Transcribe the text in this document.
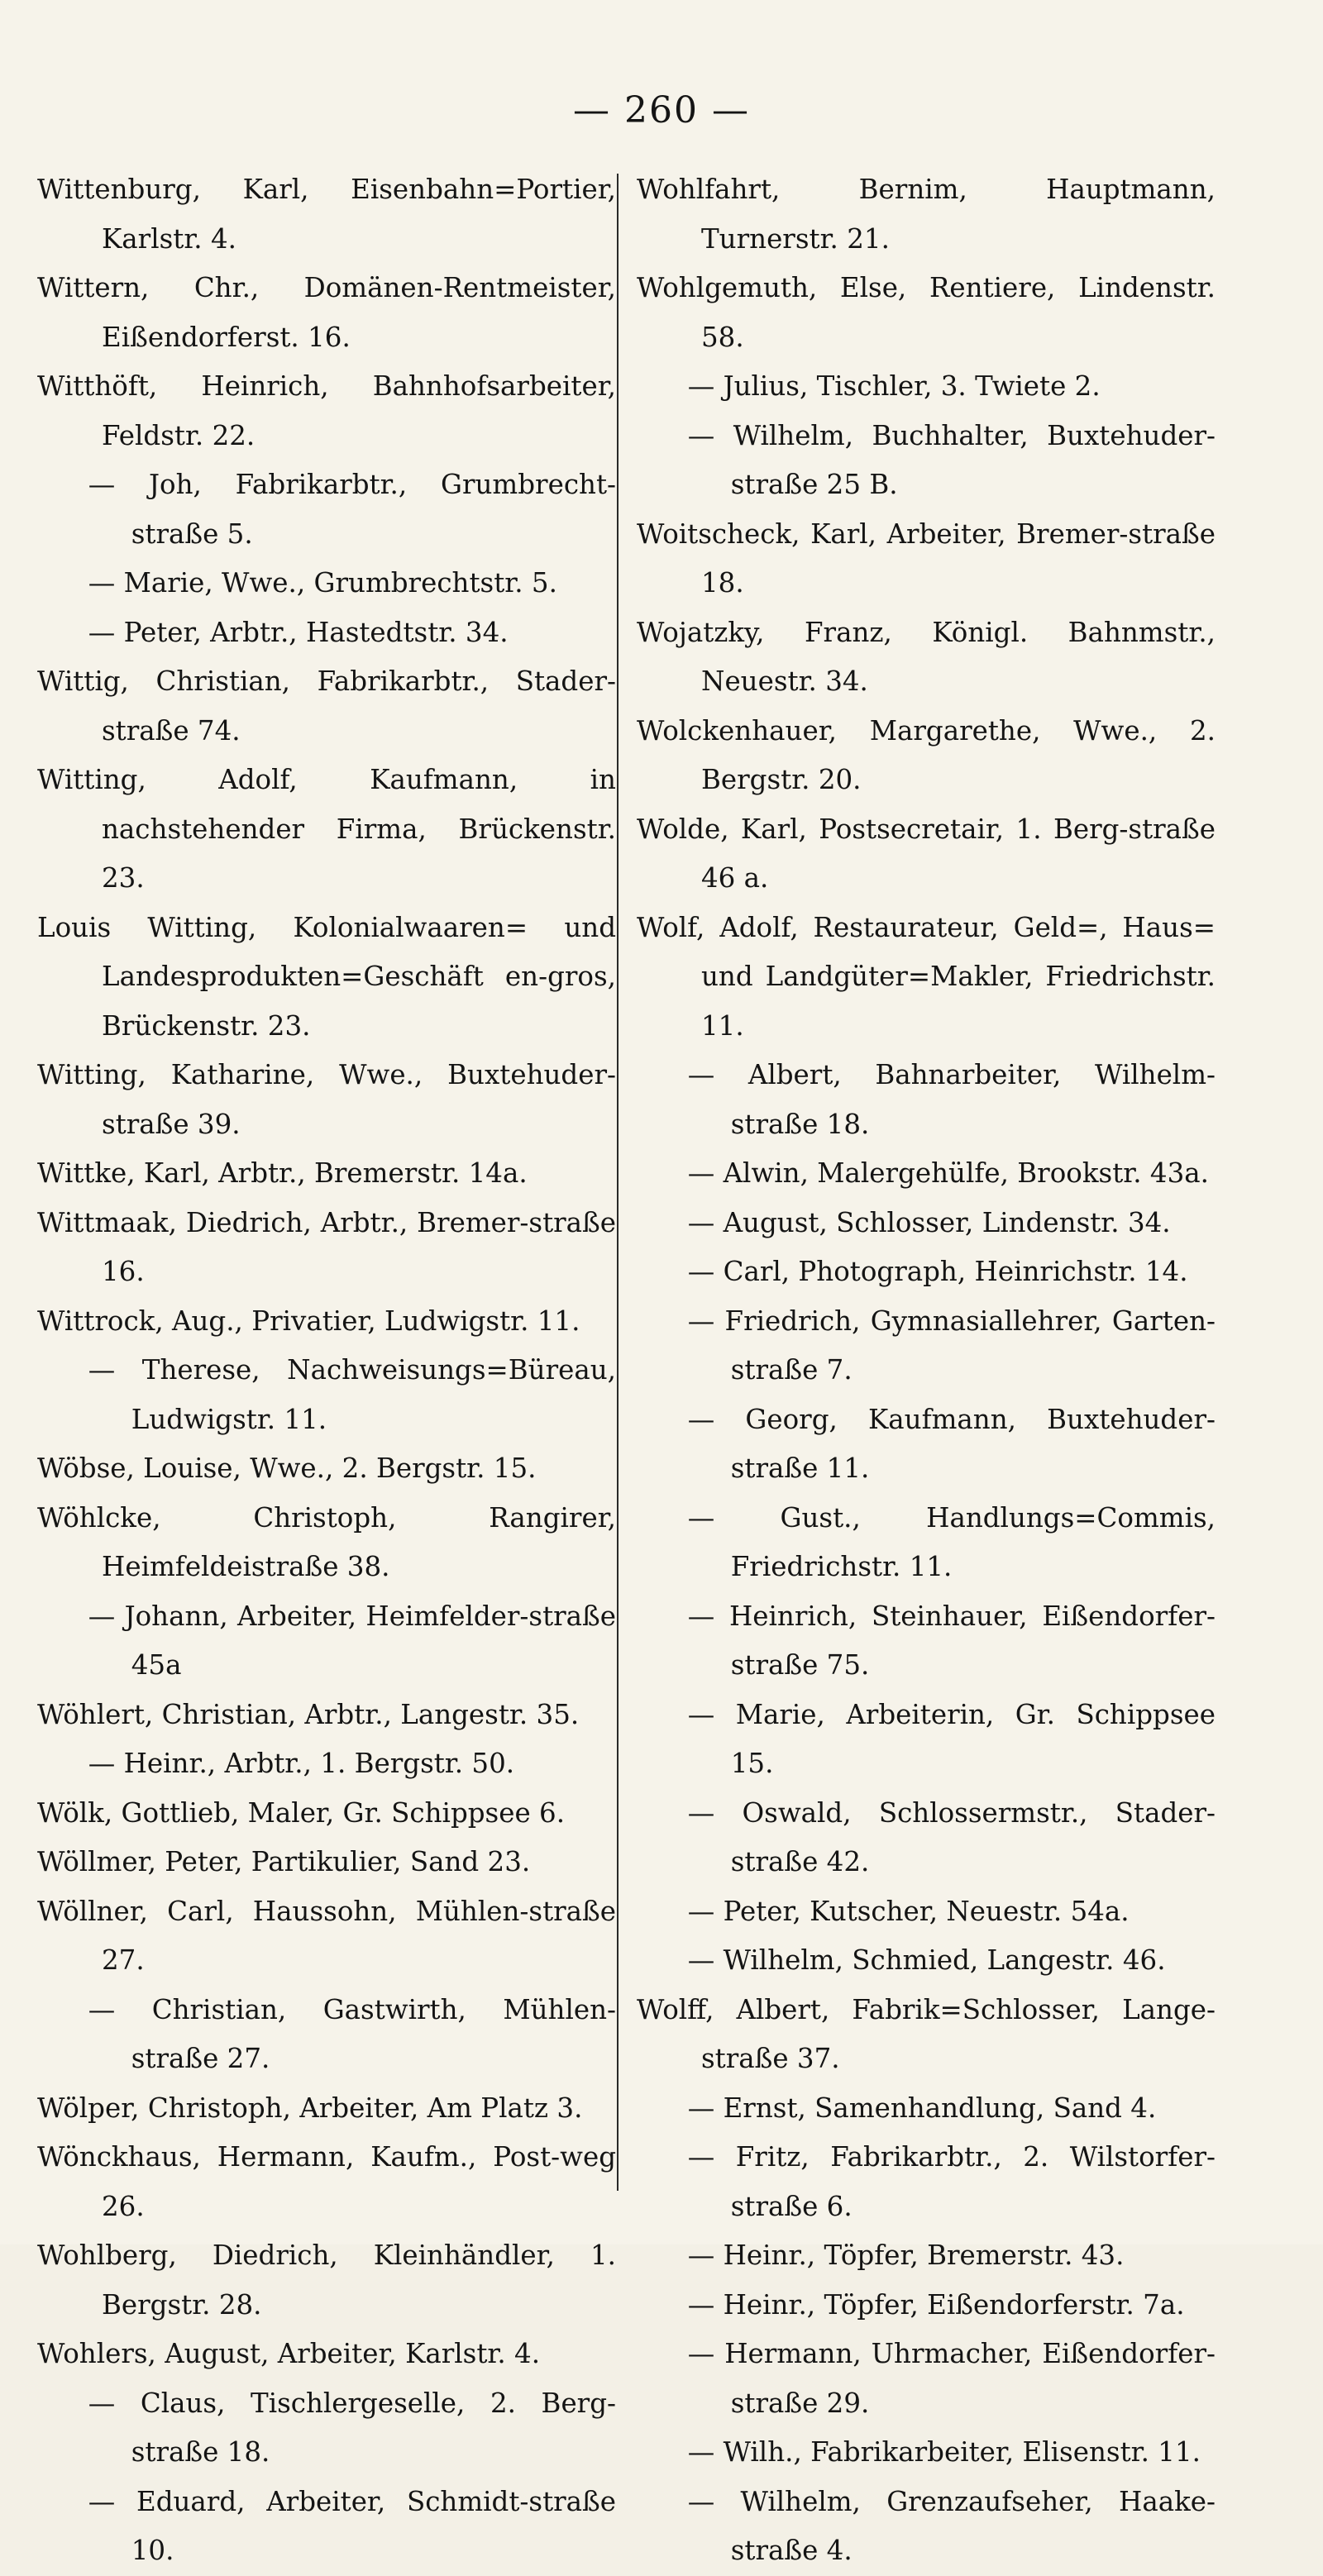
— 260 —
Wittenburg, Karl, Eisenbahn=Portier, Karlstr. 4.
Wittern, Chr., Domänen-Rentmeister, Eißendorferst. 16.
Witthöft, Heinrich, Bahnhofsarbeiter, Feldstr. 22.
— Joh, Fabrikarbtr., Grumbrecht-straße 5.
— Marie, Wwe., Grumbrechtstr. 5.
— Peter, Arbtr., Hastedtstr. 34.
Wittig, Christian, Fabrikarbtr., Stader-straße 74.
Witting, Adolf, Kaufmann, in nachstehender Firma, Brückenstr. 23.
Louis Witting, Kolonialwaaren= und Landesprodukten=Geschäft en-gros, Brückenstr. 23.
Witting, Katharine, Wwe., Buxtehuder-straße 39.
Wittke, Karl, Arbtr., Bremerstr. 14a.
Wittmaak, Diedrich, Arbtr., Bremer-straße 16.
Wittrock, Aug., Privatier, Ludwigstr. 11.
— Therese, Nachweisungs=Büreau, Ludwigstr. 11.
Wöbse, Louise, Wwe., 2. Bergstr. 15.
Wöhlcke, Christoph, Rangirer, Heimfeldeistraße 38.
— Johann, Arbeiter, Heimfelder-straße 45a
Wöhlert, Christian, Arbtr., Langestr. 35.
— Heinr., Arbtr., 1. Bergstr. 50.
Wölk, Gottlieb, Maler, Gr. Schippsee 6.
Wöllmer, Peter, Partikulier, Sand 23.
Wöllner, Carl, Haussohn, Mühlen-straße 27.
— Christian, Gastwirth, Mühlen-straße 27.
Wölper, Christoph, Arbeiter, Am Platz 3.
Wönckhaus, Hermann, Kaufm., Post-weg 26.
Wohlberg, Diedrich, Kleinhändler, 1. Bergstr. 28.
Wohlers, August, Arbeiter, Karlstr. 4.
— Claus, Tischlergeselle, 2. Berg-straße 18.
— Eduard, Arbeiter, Schmidt-straße 10.
Wohlfahrt, Bernim, Hauptmann, Turnerstr. 21.
Wohlgemuth, Else, Rentiere, Lindenstr. 58.
— Julius, Tischler, 3. Twiete 2.
— Wilhelm, Buchhalter, Buxtehuder-straße 25 B.
Woitscheck, Karl, Arbeiter, Bremer-straße 18.
Wojatzky, Franz, Königl. Bahnmstr., Neuestr. 34.
Wolckenhauer, Margarethe, Wwe., 2. Bergstr. 20.
Wolde, Karl, Postsecretair, 1. Berg-straße 46 a.
Wolf, Adolf, Restaurateur, Geld=, Haus= und Landgüter=Makler, Friedrichstr. 11.
— Albert, Bahnarbeiter, Wilhelm-straße 18.
— Alwin, Malergehülfe, Brookstr. 43a.
— August, Schlosser, Lindenstr. 34.
— Carl, Photograph, Heinrichstr. 14.
— Friedrich, Gymnasiallehrer, Garten-straße 7.
— Georg, Kaufmann, Buxtehuder-straße 11.
— Gust., Handlungs=Commis, Friedrichstr. 11.
— Heinrich, Steinhauer, Eißendorfer-straße 75.
— Marie, Arbeiterin, Gr. Schippsee 15.
— Oswald, Schlossermstr., Stader-straße 42.
— Peter, Kutscher, Neuestr. 54a.
— Wilhelm, Schmied, Langestr. 46.
Wolff, Albert, Fabrik=Schlosser, Lange-straße 37.
— Ernst, Samenhandlung, Sand 4.
— Fritz, Fabrikarbtr., 2. Wilstorfer-straße 6.
— Heinr., Töpfer, Bremerstr. 43.
— Heinr., Töpfer, Eißendorferstr. 7a.
— Hermann, Uhrmacher, Eißendorfer-straße 29.
— Wilh., Fabrikarbeiter, Elisenstr. 11.
— Wilhelm, Grenzaufseher, Haake-straße 4.
